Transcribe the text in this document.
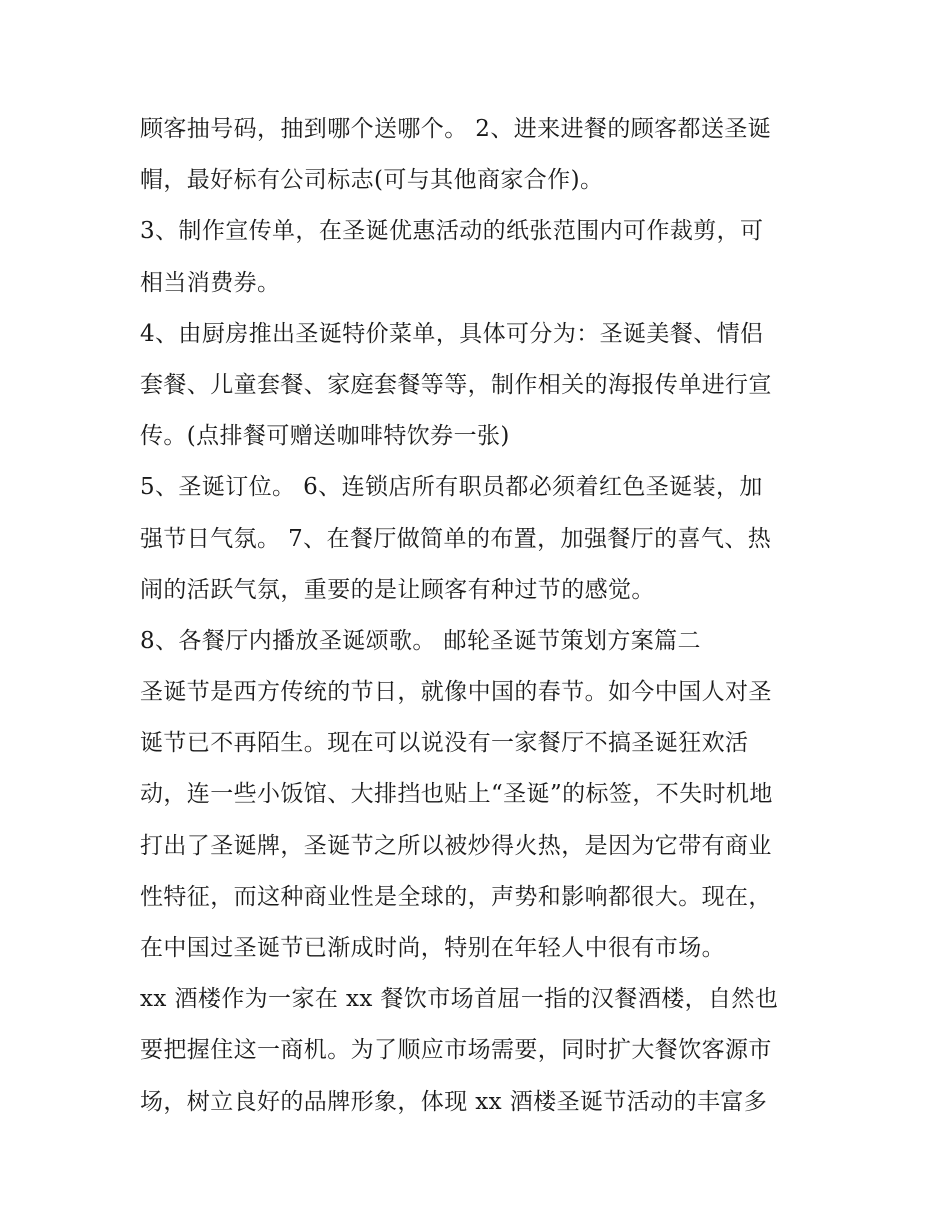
顾客抽号码，抽到哪个送哪个。 2、进来进餐的顾客都送圣诞
帽，最好标有公司标志(可与其他商家合作)。
3、制作宣传单，在圣诞优惠活动的纸张范围内可作裁剪，可
相当消费券。
4、由厨房推出圣诞特价菜单，具体可分为：圣诞美餐、情侣
套餐、儿童套餐、家庭套餐等等，制作相关的海报传单进行宣
传。(点排餐可赠送咖啡特饮券一张)
5、圣诞订位。 6、连锁店所有职员都必须着红色圣诞装，加
强节日气氛。 7、在餐厅做简单的布置，加强餐厅的喜气、热
闹的活跃气氛，重要的是让顾客有种过节的感觉。
8、各餐厅内播放圣诞颂歌。 邮轮圣诞节策划方案篇二
圣诞节是西方传统的节日，就像中国的春节。如今中国人对圣
诞节已不再陌生。现在可以说没有一家餐厅不搞圣诞狂欢活
动，连一些小饭馆、大排挡也贴上“圣诞”的标签，不失时机地
打出了圣诞牌，圣诞节之所以被炒得火热，是因为它带有商业
性特征，而这种商业性是全球的，声势和影响都很大。现在，
在中国过圣诞节已渐成时尚，特别在年轻人中很有市场。
xx 酒楼作为一家在 xx 餐饮市场首屈一指的汉餐酒楼，自然也
要把握住这一商机。为了顺应市场需要，同时扩大餐饮客源市
场，树立良好的品牌形象，体现 xx 酒楼圣诞节活动的丰富多
